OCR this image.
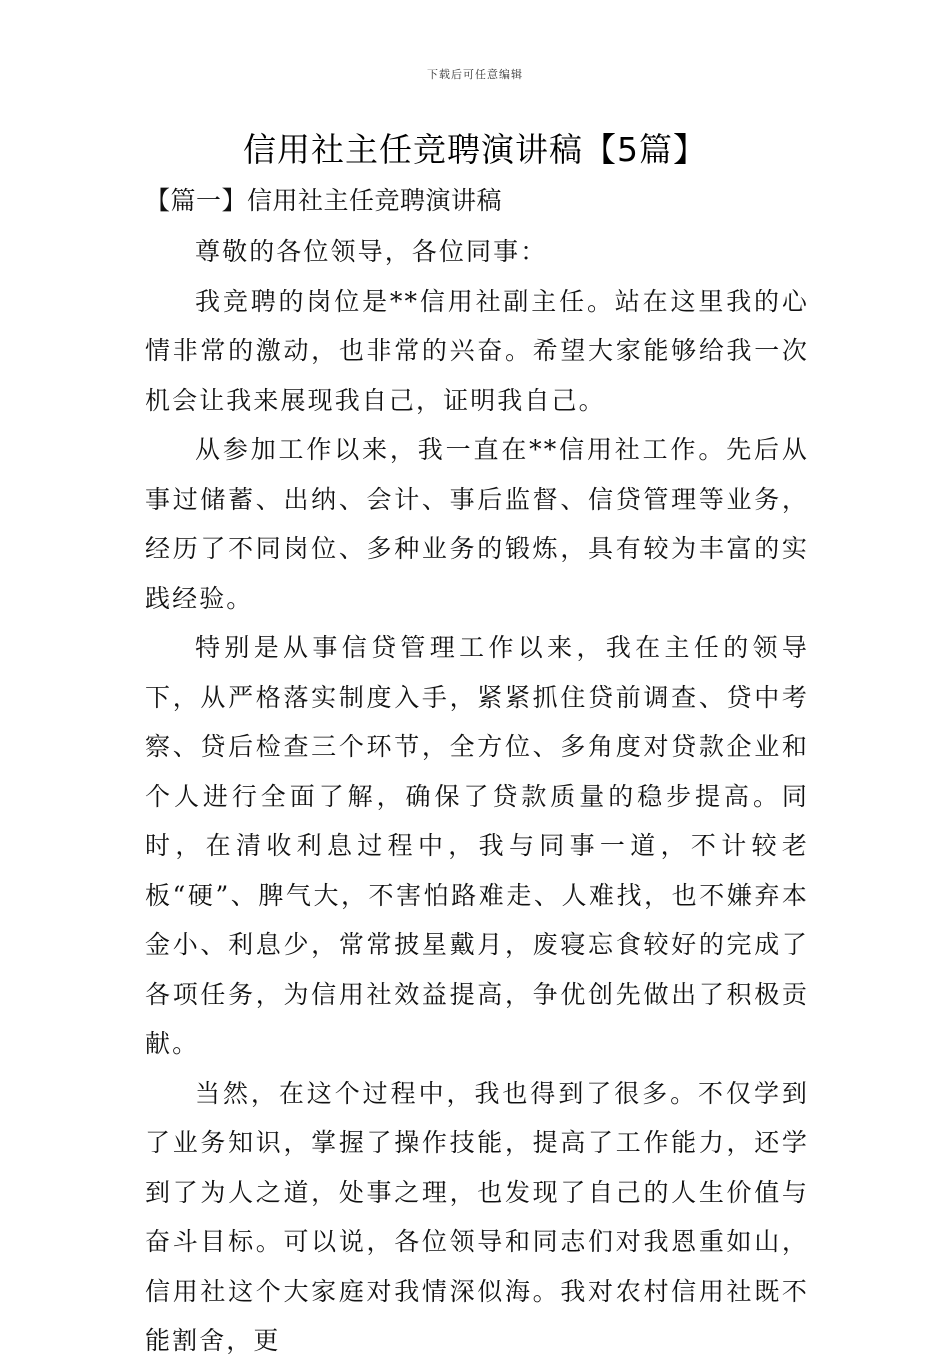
下载后可任意编辑
信用社主任竞聘演讲稿【5篇】
【篇一】信用社主任竞聘演讲稿

尊敬的各位领导，各位同事：

我竞聘的岗位是**信用社副主任。站在这里我的心情非常的激动，也非常的兴奋。希望大家能够给我一次机会让我来展现我自己，证明我自己。

从参加工作以来，我一直在**信用社工作。先后从事过储蓄、出纳、会计、事后监督、信贷管理等业务，经历了不同岗位、多种业务的锻炼，具有较为丰富的实践经验。

特别是从事信贷管理工作以来，我在主任的领导下，从严格落实制度入手，紧紧抓住贷前调查、贷中考察、贷后检查三个环节，全方位、多角度对贷款企业和个人进行全面了解，确保了贷款质量的稳步提高。同时，在清收利息过程中，我与同事一道，不计较老板“硬”、脾气大，不害怕路难走、人难找，也不嫌弃本金小、利息少，常常披星戴月，废寝忘食较好的完成了各项任务，为信用社效益提高，争优创先做出了积极贡献。

当然，在这个过程中，我也得到了很多。不仅学到了业务知识，掌握了操作技能，提高了工作能力，还学到了为人之道，处事之理，也发现了自己的人生价值与奋斗目标。可以说，各位领导和同志们对我恩重如山，信用社这个大家庭对我情深似海。我对农村信用社既不能割舍，更
